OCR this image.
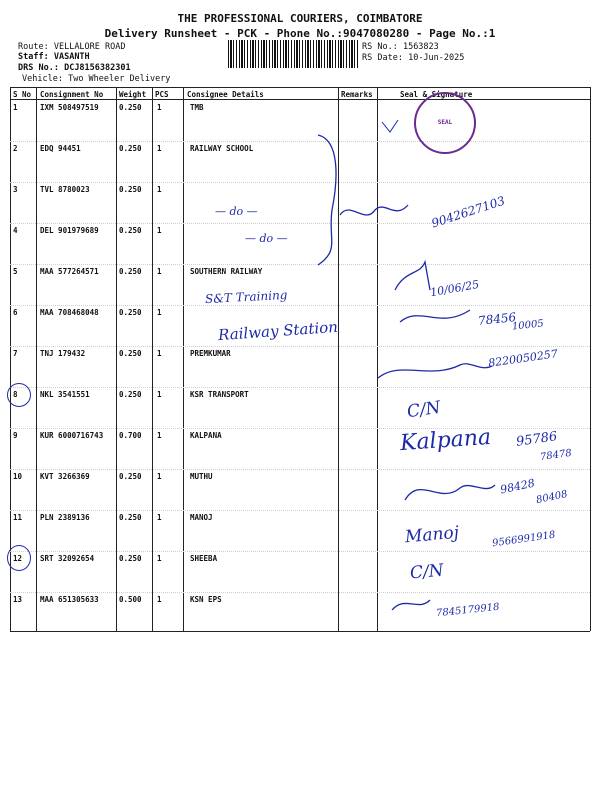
THE PROFESSIONAL COURIERS, COIMBATORE
Delivery Runsheet - PCK - Phone No.:9047080280 - Page No.:1
Route: VELLALORE ROAD
Staff: VASANTH
DRS No.: DCJ8156382301
Vehicle: Two Wheeler Delivery
RS No.: 1563823
RS Date: 10-Jun-2025
S No Consignment No Weight PCS Consignee Details	Remarks	Seal & Signature
1	IXM 508497519	0.250 1	TMB
2	EDQ 94451	0.250 1	RAILWAY SCHOOL
3	TVL 8780023	0.250 1
4	DEL 901979689	0.250 1
5	MAA 577264571	0.250 1	SOUTHERN RAILWAY
6	MAA 708468048	0.250 1
7	TNJ 179432	0.250 1	PREMKUMAR
8	NKL 3541551	0.250 1	KSR TRANSPORT
9	KUR 6000716743 0.700 1	KALPANA
10 KVT 3266369	0.250 1	MUTHU
11 PLN 2389136	0.250 1	MANOJ
12 SRT 32092654	0.250 1	SHEEBA
13 MAA 651305633	0.500 1	KSN EPS
SEAL
— do —
— do —
9042627103
S&T Training	10/06/25
Railway Station	78456
10005
8220050257
C/N
Kalpana 95786
78478
98428
80408
Manoj	9566991918
C/N
7845179918
